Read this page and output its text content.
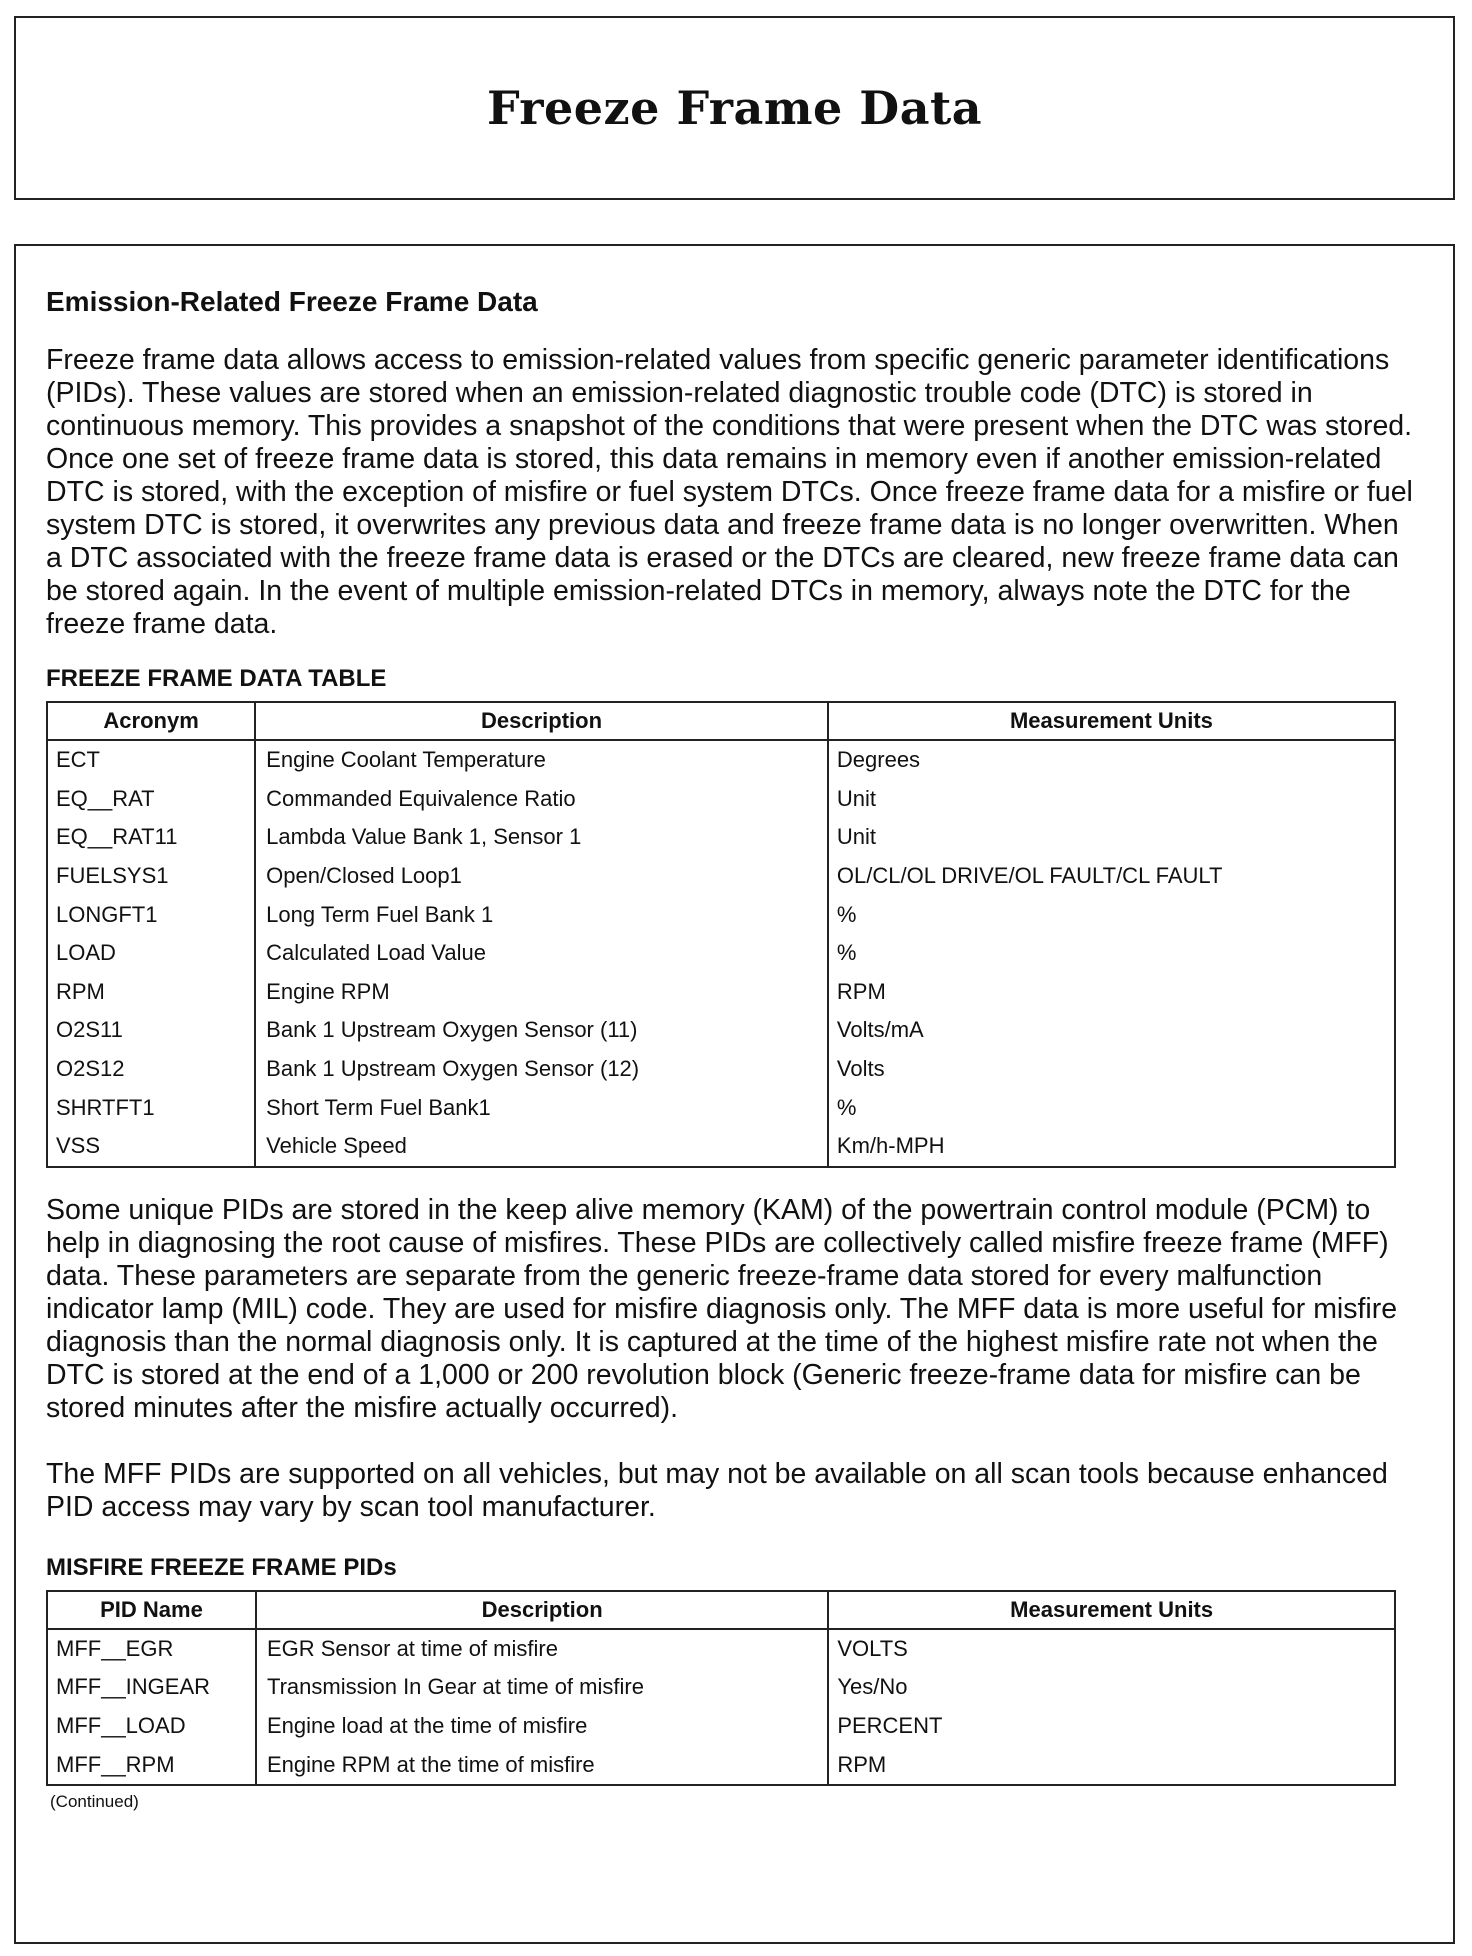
Freeze Frame Data
Emission-Related Freeze Frame Data

Freeze frame data allows access to emission-related values from specific generic parameter identifications (PIDs). These values are stored when an emission-related diagnostic trouble code (DTC) is stored in continuous memory. This provides a snapshot of the conditions that were present when the DTC was stored. Once one set of freeze frame data is stored, this data remains in memory even if another emission-related DTC is stored, with the exception of misfire or fuel system DTCs. Once freeze frame data for a misfire or fuel system DTC is stored, it overwrites any previous data and freeze frame data is no longer overwritten. When a DTC associated with the freeze frame data is erased or the DTCs are cleared, new freeze frame data can be stored again. In the event of multiple emission-related DTCs in memory, always note the DTC for the freeze frame data.

FREEZE FRAME DATA TABLE
Acronym	Description	Measurement Units
ECT	Engine Coolant Temperature	Degrees
EQ__RAT	Commanded Equivalence Ratio	Unit
EQ__RAT11	Lambda Value Bank 1, Sensor 1	Unit
FUELSYS1	Open/Closed Loop1	OL/CL/OL DRIVE/OL FAULT/CL FAULT
LONGFT1	Long Term Fuel Bank 1	%
LOAD	Calculated Load Value	%
RPM	Engine RPM	RPM
O2S11	Bank 1 Upstream Oxygen Sensor (11)	Volts/mA
O2S12	Bank 1 Upstream Oxygen Sensor (12)	Volts
SHRTFT1	Short Term Fuel Bank1	%
VSS	Vehicle Speed	Km/h-MPH

Some unique PIDs are stored in the keep alive memory (KAM) of the powertrain control module (PCM) to help in diagnosing the root cause of misfires. These PIDs are collectively called misfire freeze frame (MFF) data. These parameters are separate from the generic freeze-frame data stored for every malfunction indicator lamp (MIL) code. They are used for misfire diagnosis only. The MFF data is more useful for misfire diagnosis than the normal diagnosis only. It is captured at the time of the highest misfire rate not when the DTC is stored at the end of a 1,000 or 200 revolution block (Generic freeze-frame data for misfire can be stored minutes after the misfire actually occurred).

The MFF PIDs are supported on all vehicles, but may not be available on all scan tools because enhanced PID access may vary by scan tool manufacturer.

MISFIRE FREEZE FRAME PIDs
PID Name	Description	Measurement Units
MFF__EGR	EGR Sensor at time of misfire	VOLTS
MFF__INGEAR	Transmission In Gear at time of misfire	Yes/No
MFF__LOAD	Engine load at the time of misfire	PERCENT
MFF__RPM	Engine RPM at the time of misfire	RPM
(Continued)
